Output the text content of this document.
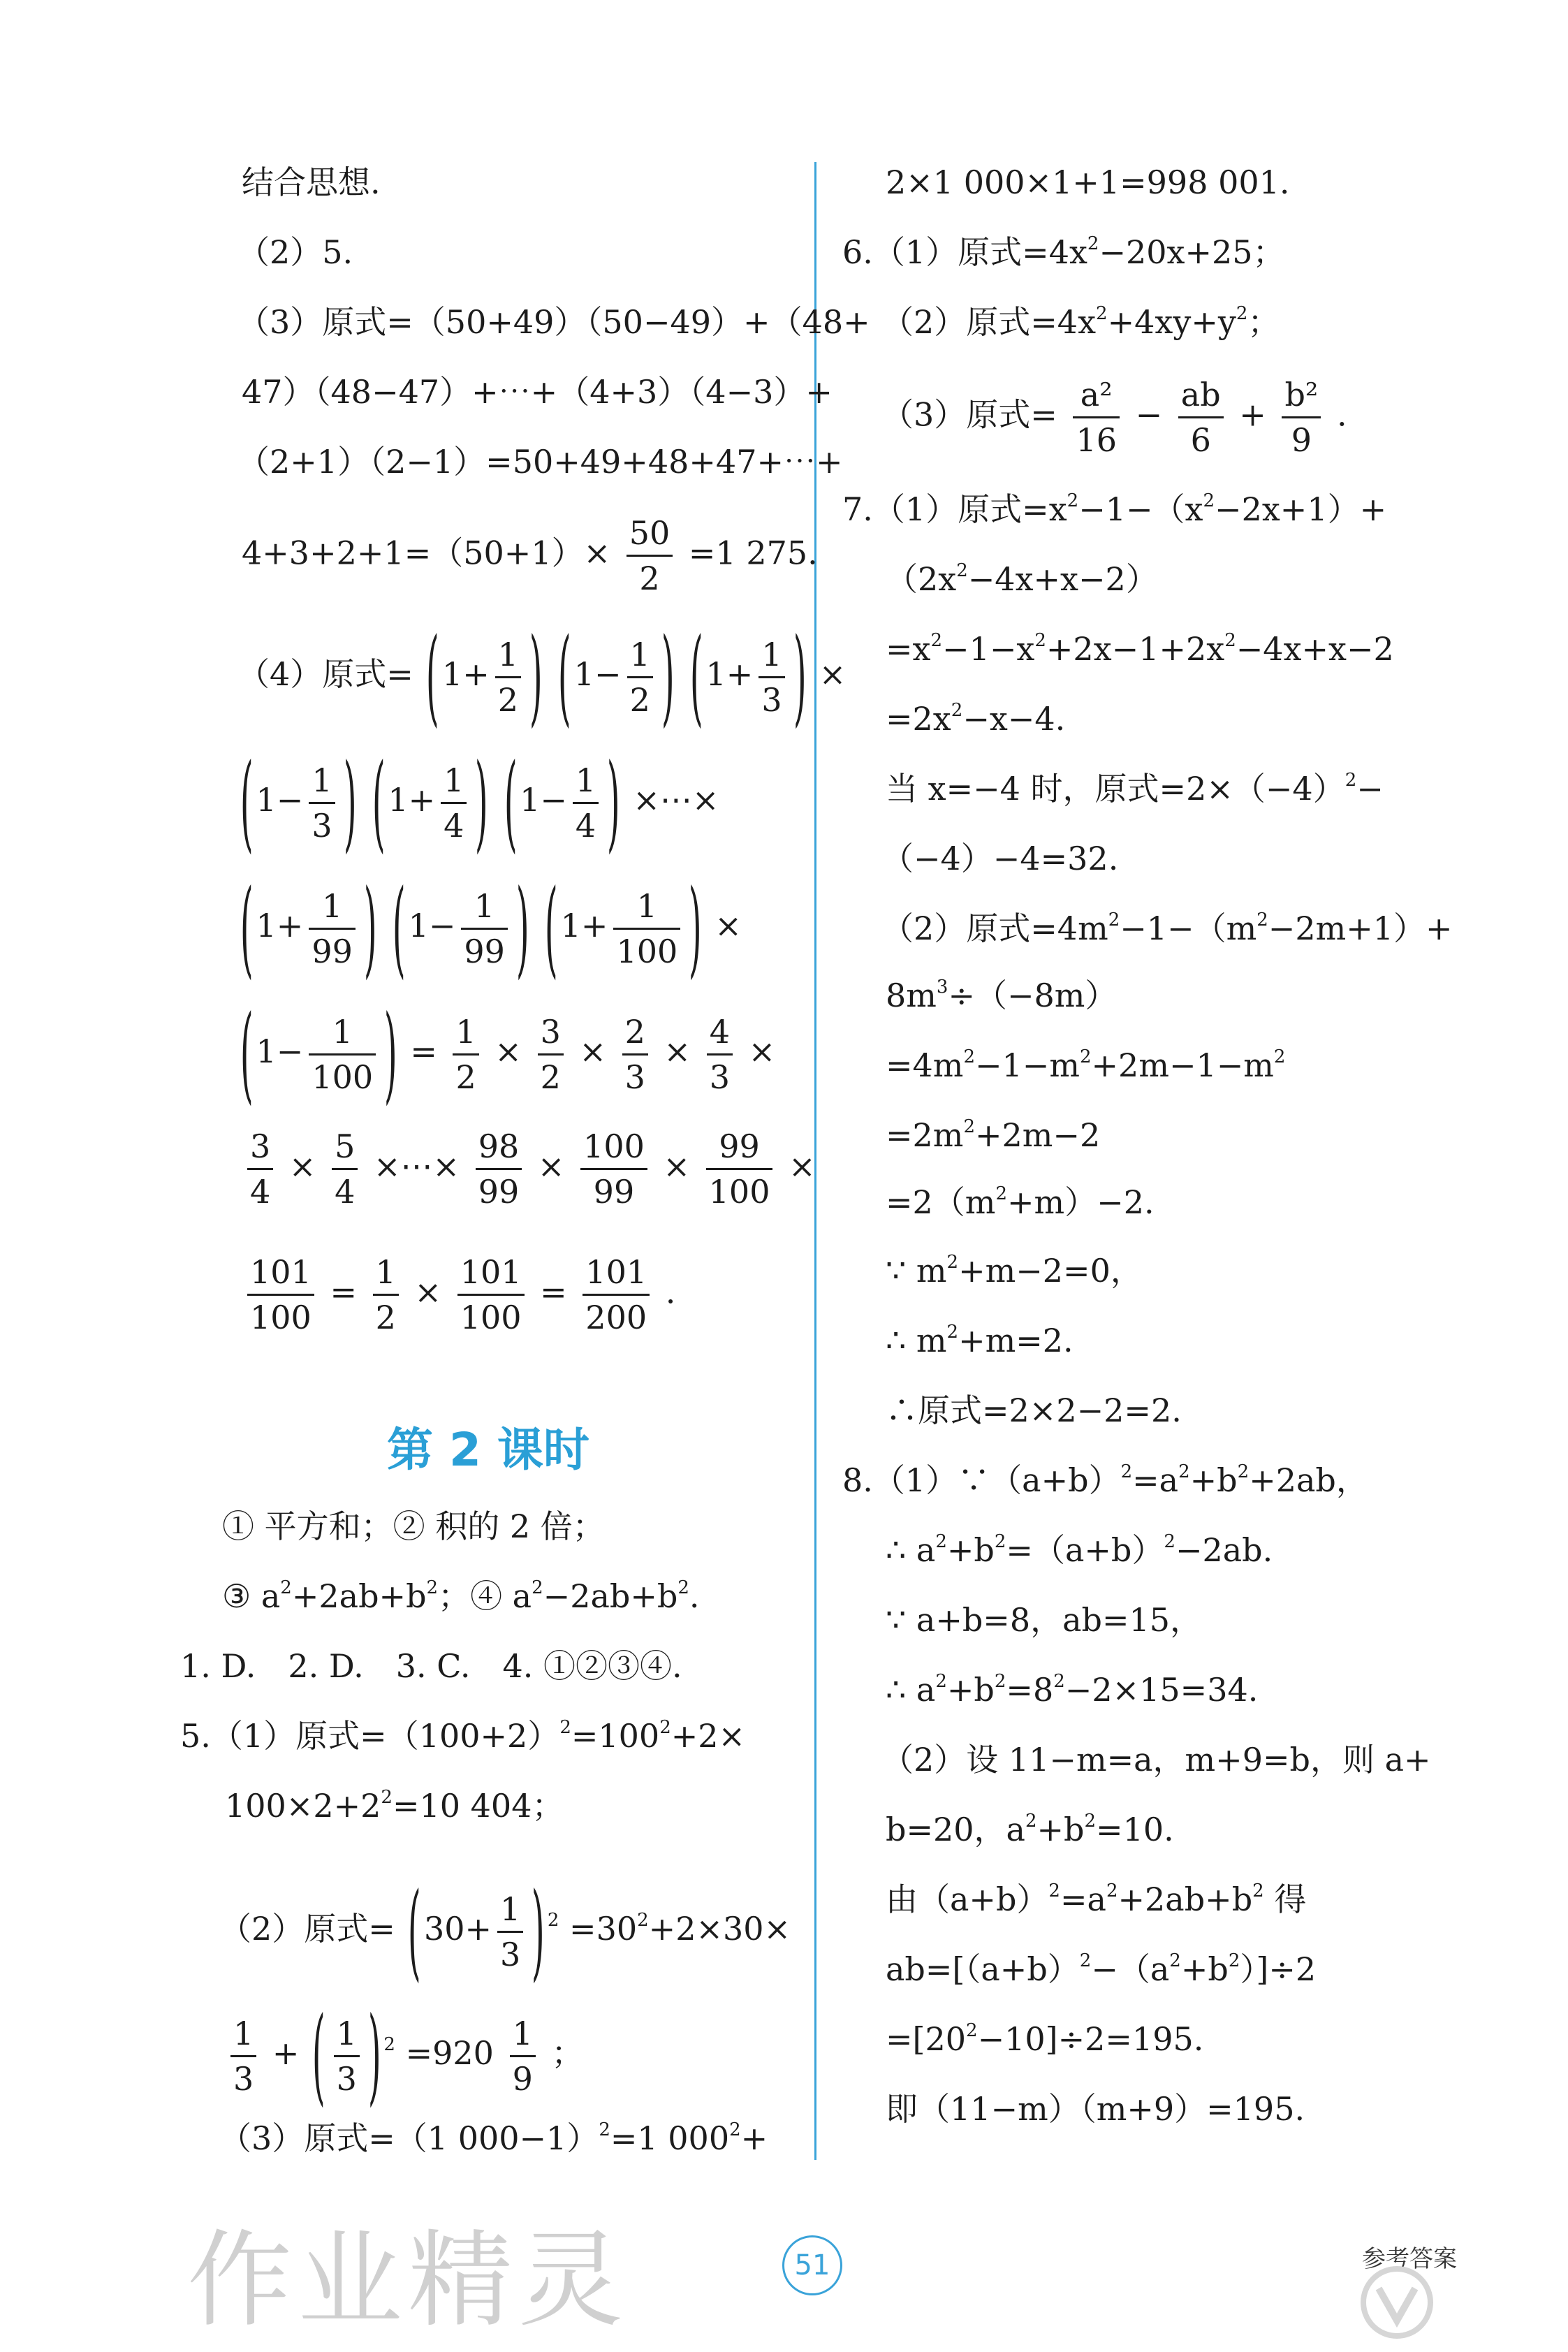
结合思想.
（2）5.
（3）原式=（50+49）（50−49）+（48+
47）（48−47）+⋯+（4+3）（4−3）+
（2+1）（2−1）=50+49+48+47+⋯+
$4+3+2+1=(50+1)\times \frac{50}{2} =1$ 275.
（4）原式= ($1+ \frac{1}{2}$ ) ($1- \frac{1}{2}$ ) ($1+ \frac{1}{3}$ ) ×
($1- \frac{1}{3}$ ) ($1+ \frac{1}{4}$ ) ($1- \frac{1}{4}$ ) ×⋯×
($1+ \frac{1}{99}$ ) ($1- \frac{1}{99}$ ) ($1+ \frac{1}{100}$ ) ×
($1- \frac{1}{100}$ ) = $\frac{1}{2} \times \frac{3}{2} \times \frac{2}{3} \times \frac{4}{3}$ ×
$\frac{3}{4} \times \frac{5}{4}$ ×⋯× $\frac{98}{99} \times \frac{100}{99} \times \frac{99}{100}$ ×
$\frac{101}{100} = \frac{1}{2} \times \frac{101}{100} = \frac{101}{200}$ .
第 2 课时
① 平方和；② 积的 2 倍；
③ $a^2+2ab+b^2$；④ $a^2-2ab+b^2$.
1. D.　2. D.　3. C.　4. ①②③④.
5.（1）原式$=(100+2)^2=100^2+2\times$
$100\times 2+2^2=10$ 404；
（2）原式= ($30+ \frac{1}{3}$ ) $^2 =30^2+2\times 30\times$
$\frac{1}{3}$ + ( $\frac{1}{3}$ ) $^2 =920 \frac{1}{9}$ ；
（3）原式=（1 000−1）$^2$=1 $000^2+$
2×1 000×1+1=998 001.
6.（1）原式$=4x^2-20x+25$；
（2）原式$=4x^2+4xy+y^2$；
（3）原式= $\frac{\text{a²}}{16} - \frac{ab}{6} + \frac{\text{b²}}{9}$ .
7.（1）原式$=x^2-1-(x^2-2x+1)+$
$(2x^2-4x+x-2)$
$=x^2-1-x^2+2x-1+2x^2-4x+x-2$
$=2x^2-x-4$.
当 x=−4 时，原式$=2\times(-4)^2-$
（−4）−4=32.
（2）原式$=4m^2-1-(m^2-2m+1)+$
$8m^3\div(-8m)$
$=4m^2-1-m^2+2m-1-m^2$
$=2m^2+2m-2$
$=2(m^2+m)-2$.
∵ $m^2+m-2=0$，
∴ $m^2+m=2$.
∴原式=2×2−2=2.
$8.(1)\because(a+b)^2=a^2+b^2+2ab$，
∴ $a^2+b^2=(a+b)^2-2ab$.
∵ a+b=8，ab=15，
∴ $a^2+b^2=8^2-2\times 15=34$.
（2）设 11−m=a，m+9=b，则 a+
b=20，$a^2+b^2=10$.
由$(a+b)^2=a^2+2ab+b^2$ 得
$ab=[(a+b)^2-(a^2+b^2)]\div 2$
$=[20^2-10]\div 2=195$.
即（11−m）（m+9）=195.
作业精灵	51	参考答案
